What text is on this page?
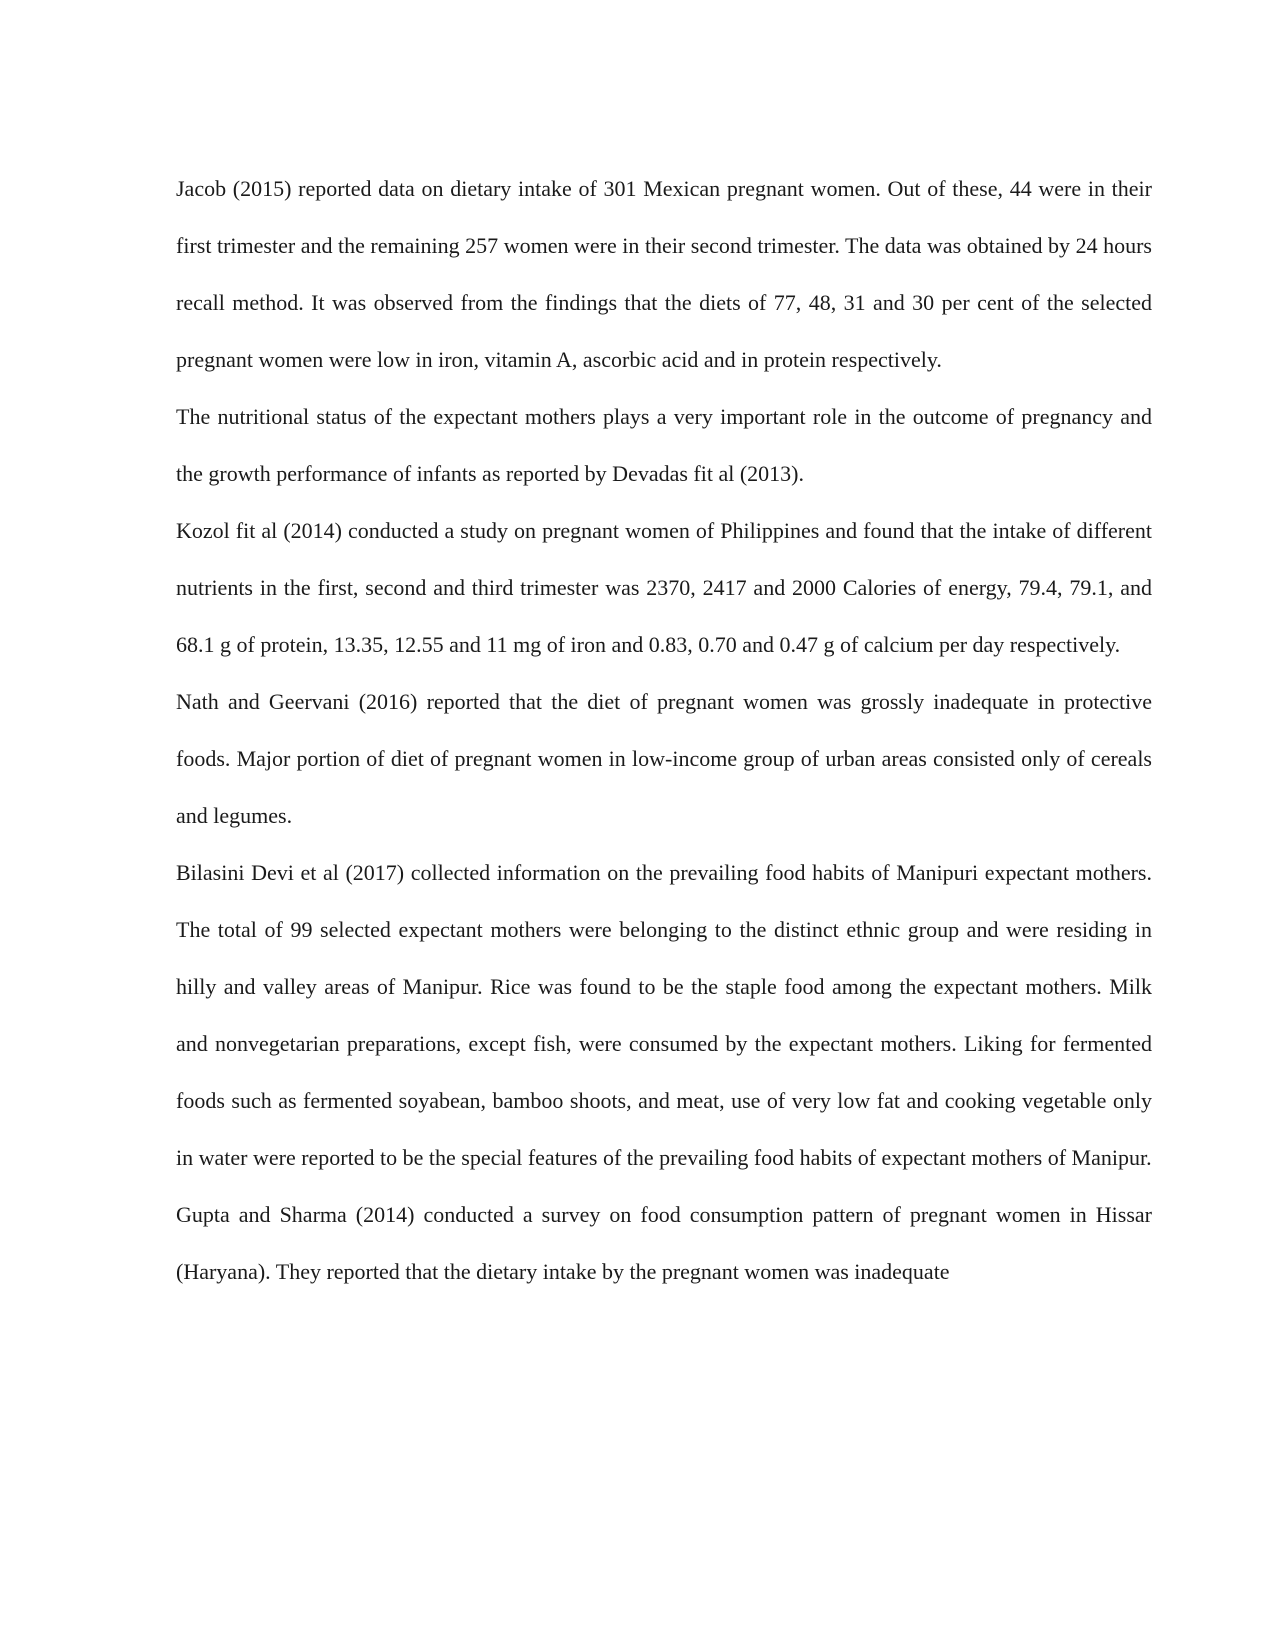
Jacob (2015) reported data on dietary intake of 301 Mexican pregnant women. Out of these, 44 were in their first trimester and the remaining 257 women were in their second trimester. The data was obtained by 24 hours recall method. It was observed from the findings that the diets of 77, 48, 31 and 30 per cent of the selected pregnant women were low in iron, vitamin A, ascorbic acid and in protein respectively.

The nutritional status of the expectant mothers plays a very important role in the outcome of pregnancy and the growth performance of infants as reported by Devadas fit al (2013).

Kozol fit al (2014) conducted a study on pregnant women of Philippines and found that the intake of different nutrients in the first, second and third trimester was 2370, 2417 and 2000 Calories of energy, 79.4, 79.1, and 68.1 g of protein, 13.35, 12.55 and 11 mg of iron and 0.83, 0.70 and 0.47 g of calcium per day respectively.

Nath and Geervani (2016) reported that the diet of pregnant women was grossly inadequate in protective foods. Major portion of diet of pregnant women in low-income group of urban areas consisted only of cereals and legumes.

Bilasini Devi et al (2017) collected information on the prevailing food habits of Manipuri expectant mothers. The total of 99 selected expectant mothers were belonging to the distinct ethnic group and were residing in hilly and valley areas of Manipur. Rice was found to be the staple food among the expectant mothers. Milk and nonvegetarian preparations, except fish, were consumed by the expectant mothers. Liking for fermented foods such as fermented soyabean, bamboo shoots, and meat, use of very low fat and cooking vegetable only in water were reported to be the special features of the prevailing food habits of expectant mothers of Manipur.

Gupta and Sharma (2014) conducted a survey on food consumption pattern of pregnant women in Hissar (Haryana). They reported that the dietary intake by the pregnant women was inadequate
